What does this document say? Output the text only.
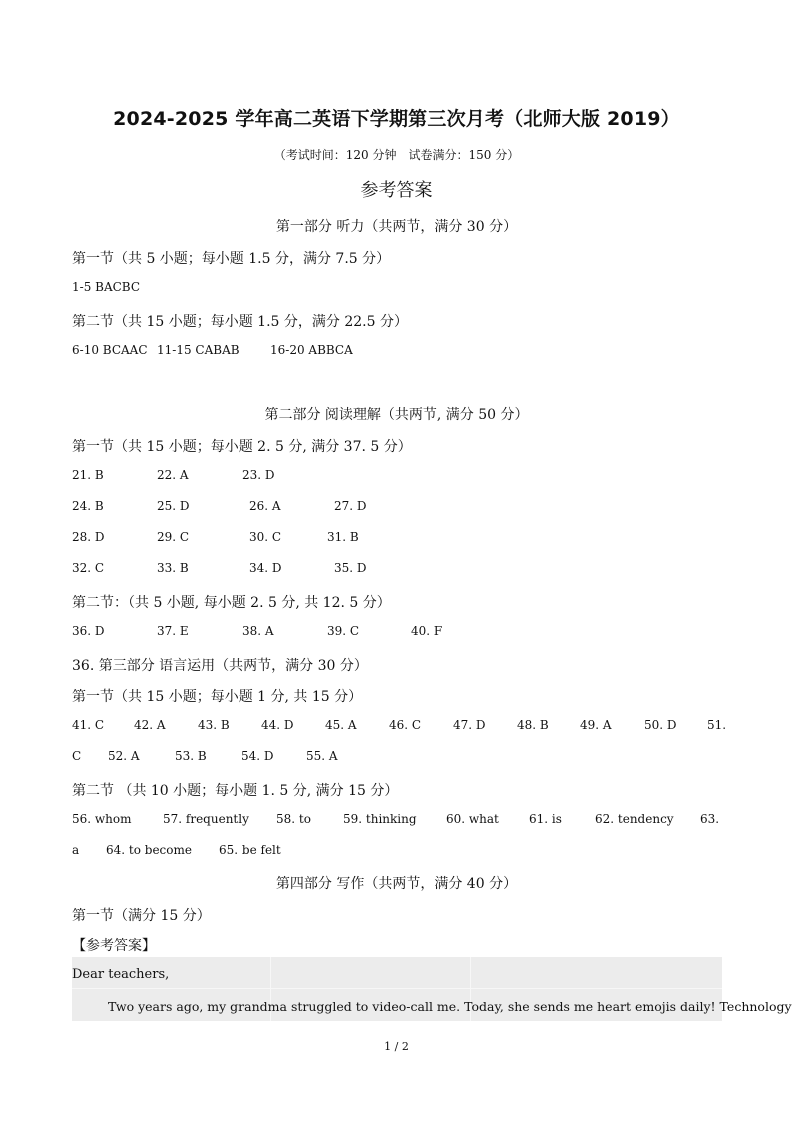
2024-2025 学年高二英语下学期第三次月考（北师大版 2019）
（考试时间：120 分钟　试卷满分：150 分）
参考答案
第一部分 听力（共两节，满分 30 分）
第一节（共 5 小题；每小题 1.5 分，满分 7.5 分）
1-5 BACBC
第二节（共 15 小题；每小题 1.5 分，满分 22.5 分）
6-10 BCAAC 11-15 CABAB	16-20 ABBCA
第二部分 阅读理解（共两节, 满分 50 分）
第一节（共 15 小题；每小题 2. 5 分, 满分 37. 5 分）
21. B	22. A	23. D
24. B	25. D	26. A	27. D
28. D	29. C	30. C	31. B
32. C	33. B	34. D	35. D
第二节：（共 5 小题, 每小题 2. 5 分, 共 12. 5 分）
36. D	37. E	38. A	39. C	40. F
36. 第三部分 语言运用（共两节，满分 30 分）
第一节（共 15 小题；每小题 1 分, 共 15 分）
41. C 42. A	43. B	44. D	45. A	46. C	47. D	48. B	49. A	50. D	51.
C 52. A	53. B	54. D	55. A
第二节 （共 10 小题；每小题 1. 5 分, 满分 15 分）
56. whom	57. frequently 58. to	59. thinking 60. what	61. is	62. tendency 63.
a 64. to become 65. be felt
第四部分 写作（共两节，满分 40 分）
第一节（满分 15 分）
【参考答案】
Dear teachers,
Two years ago, my grandma struggled to video-call me. Today, she sends me heart emojis daily! Technology
1 / 2
